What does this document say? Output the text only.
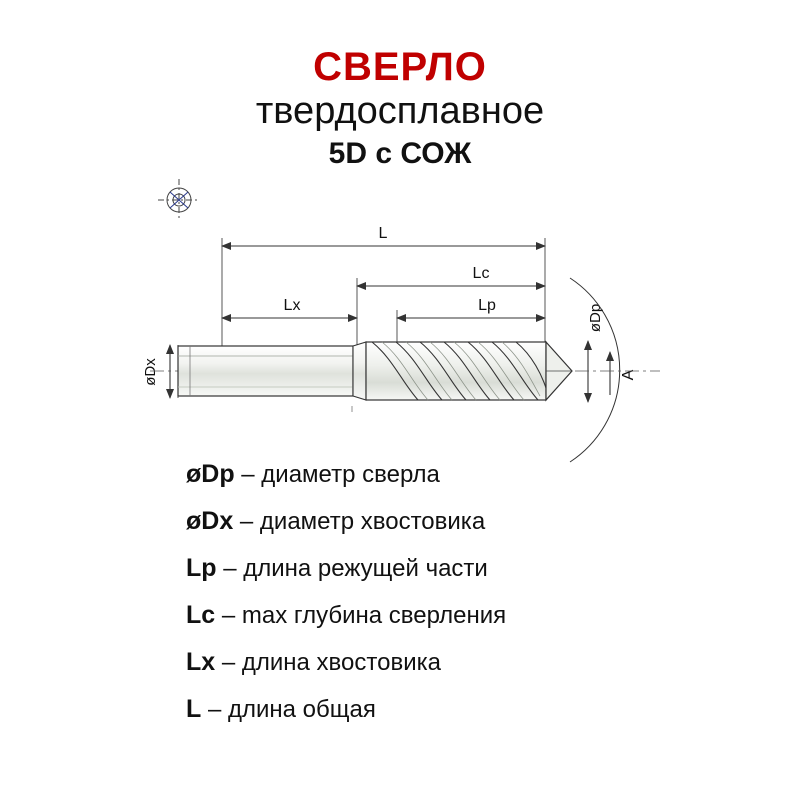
СВЕРЛО
твердосплавное
5D с СОЖ
L
Lc
Lx	Lp
øDx
øDp
A
øDp – диаметр сверла
øDx – диаметр хвостовика
Lp – длина режущей части
Lc – max глубина сверления
Lx – длина хвостовика
L – длина общая
